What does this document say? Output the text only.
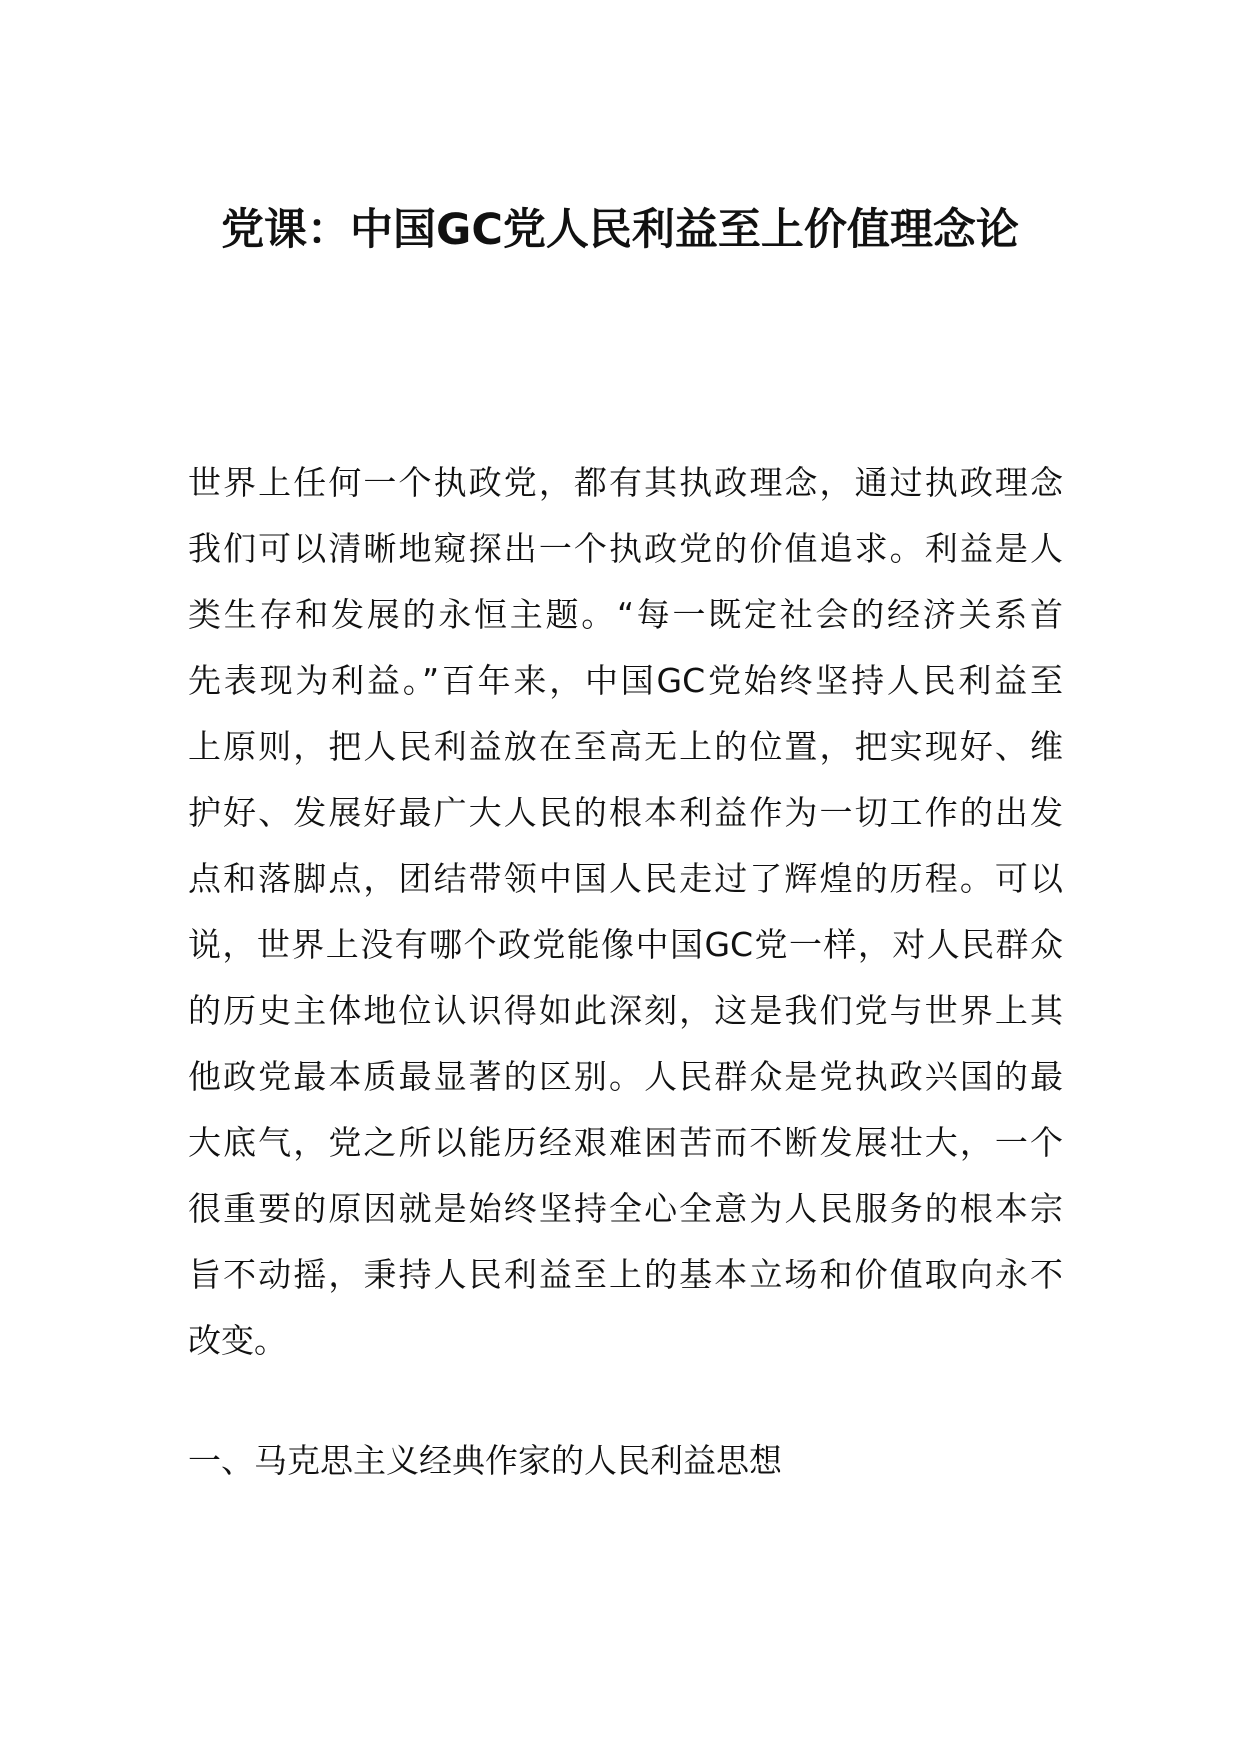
党课：中国GC党人民利益至上价值理念论
世界上任何一个执政党，都有其执政理念，通过执政理念
我们可以清晰地窥探出一个执政党的价值追求。利益是人
类生存和发展的永恒主题。“每一既定社会的经济关系首
先表现为利益。”百年来，中国GC党始终坚持人民利益至
上原则，把人民利益放在至高无上的位置，把实现好、维
护好、发展好最广大人民的根本利益作为一切工作的出发
点和落脚点，团结带领中国人民走过了辉煌的历程。可以
说，世界上没有哪个政党能像中国GC党一样，对人民群众
的历史主体地位认识得如此深刻，这是我们党与世界上其
他政党最本质最显著的区别。人民群众是党执政兴国的最
大底气，党之所以能历经艰难困苦而不断发展壮大，一个
很重要的原因就是始终坚持全心全意为人民服务的根本宗
旨不动摇，秉持人民利益至上的基本立场和价值取向永不
改变。
一、马克思主义经典作家的人民利益思想
